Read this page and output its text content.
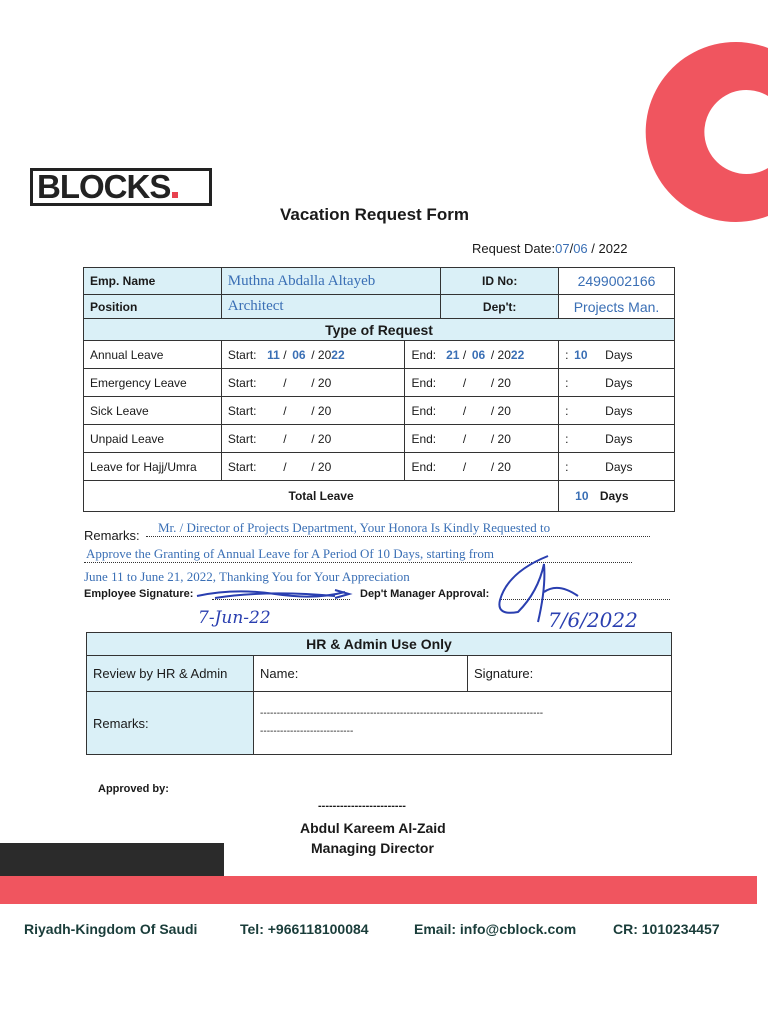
BLOCKS
Vacation Request Form
Request Date:07/06 / 2022
Emp. Name	Muthna Abdalla Altayeb	ID No:	2499002166
Position	Architect	Dep't:	Projects Man.
Type of Request			
Annual Leave	Start: 11 / 06 / 2022	End: 21 / 06 / 2022	: 10 Days
Emergency Leave	Start: / / 20	End: / / 20	: Days
Sick Leave	Start: / / 20	End: / / 20	: Days
Unpaid Leave	Start: / / 20	End: / / 20	: Days
Leave for Hajj/Umra	Start: / / 20	End: / / 20	: Days
Total Leave			10 Days
Remarks:
Mr. / Director of Projects Department, Your Honora Is Kindly Requested to
Approve the Granting of Annual Leave for A Period Of 10 Days, starting from
June 11 to June 21, 2022, Thanking You for Your Appreciation
Employee Signature:
7-Jun-22
Dep't Manager Approval:
7/6/2022
HR & Admin Use Only		
Review by HR & Admin	Name:	Signature:
Remarks:	-------------------------------------------------------------------------------------
----------------------------	
Approved by:
------------------------
Abdul Kareem Al-Zaid
Managing Director
Riyadh-Kingdom Of Saudi	Tel: +966118100084	Email: info@cblock.com	CR: 1010234457
